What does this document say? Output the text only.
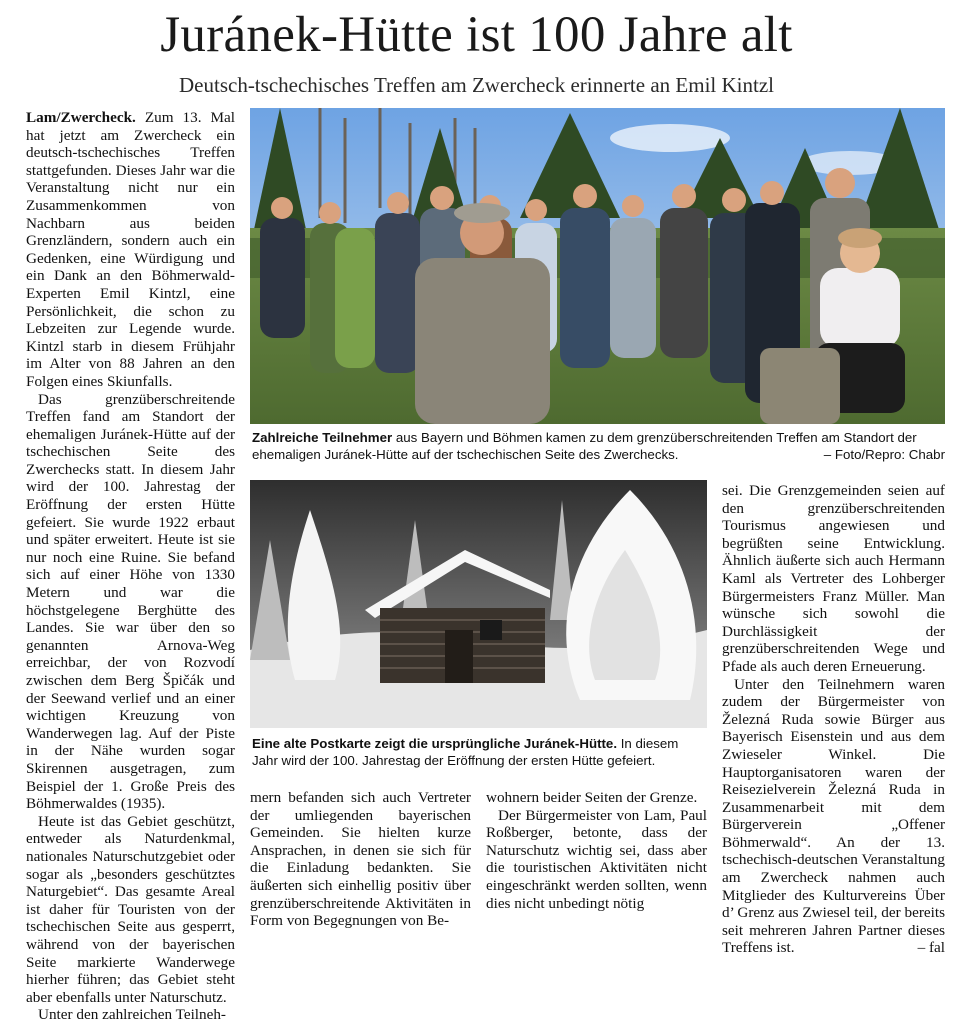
Juránek-Hütte ist 100 Jahre alt
Deutsch-tschechisches Treffen am Zwercheck erinnerte an Emil Kintzl

Lam/Zwercheck. Zum 13. Mal hat jetzt am Zwercheck ein deutsch-tschechisches Treffen stattgefunden. Dieses Jahr war die Veranstaltung nicht nur ein Zusammenkommen von Nachbarn aus beiden Grenzländern, sondern auch ein Gedenken, eine Würdigung und ein Dank an den Böhmerwald-Experten Emil Kintzl, eine Persönlichkeit, die schon zu Lebzeiten zur Legende wurde. Kintzl starb in diesem Frühjahr im Alter von 88 Jahren an den Folgen eines Skiunfalls.

Das grenzüberschreitende Treffen fand am Standort der ehemaligen Juránek-Hütte auf der tschechischen Seite des Zwerchecks statt. In diesem Jahr wird der 100. Jahrestag der Eröffnung der ersten Hütte gefeiert. Sie wurde 1922 erbaut und später erweitert. Heute ist sie nur noch eine Ruine. Sie befand sich auf einer Höhe von 1330 Metern und war die höchstgelegene Berghütte des Landes. Sie war über den so genannten Arnova-Weg erreichbar, der von Rozvodí zwischen dem Berg Špičák und der Seewand verlief und an einer wichtigen Kreuzung von Wanderwegen lag. Auf der Piste in der Nähe wurden sogar Skirennen ausgetragen, zum Beispiel der 1. Große Preis des Böhmerwaldes (1935).

Heute ist das Gebiet geschützt, entweder als Naturdenkmal, nationales Naturschutzgebiet oder sogar als „besonders geschütztes Naturgebiet“. Das gesamte Areal ist daher für Touristen von der tschechischen Seite aus gesperrt, während von der bayerischen Seite markierte Wanderwege hierher führen; das Gebiet steht aber ebenfalls unter Naturschutz.

Unter den zahlreichen Teilneh-

Zahlreiche Teilnehmer aus Bayern und Böhmen kamen zu dem grenzüberschreitenden Treffen am Standort der ehemaligen Juránek-Hütte auf der tschechischen Seite des Zwerchecks.	– Foto/Repro: Chabr
Eine alte Postkarte zeigt die ursprüngliche Juránek-Hütte. In diesem Jahr wird der 100. Jahrestag der Eröffnung der ersten Hütte gefeiert.

mern befanden sich auch Vertreter der umliegenden bayerischen Gemeinden. Sie hielten kurze Ansprachen, in denen sie sich für die Einladung bedankten. Sie äußerten sich einhellig positiv über grenzüberschreitende Aktivitäten in Form von Begegnungen von Be-

wohnern beider Seiten der Grenze.

Der Bürgermeister von Lam, Paul Roßberger, betonte, dass der Naturschutz wichtig sei, dass aber die touristischen Aktivitäten nicht eingeschränkt werden sollten, wenn dies nicht unbedingt nötig

sei. Die Grenzgemeinden seien auf den grenzüberschreitenden Tourismus angewiesen und begrüßten seine Entwicklung. Ähnlich äußerte sich auch Hermann Kaml als Vertreter des Lohberger Bürgermeisters Franz Müller. Man wünsche sich sowohl die Durchlässigkeit der grenzüberschreitenden Wege und Pfade als auch deren Erneuerung.

Unter den Teilnehmern waren zudem der Bürgermeister von Železná Ruda sowie Bürger aus Bayerisch Eisenstein und aus dem Zwieseler Winkel. Die Hauptorganisatoren waren der Reisezielverein Železná Ruda in Zusammenarbeit mit dem Bürgerverein „Offener Böhmerwald“. An der 13. tschechisch-deutschen Veranstaltung am Zwercheck nahmen auch Mitglieder des Kulturvereins Über d’ Grenz aus Zwiesel teil, der bereits seit mehreren Jahren Partner dieses Treffens ist.	– fal
